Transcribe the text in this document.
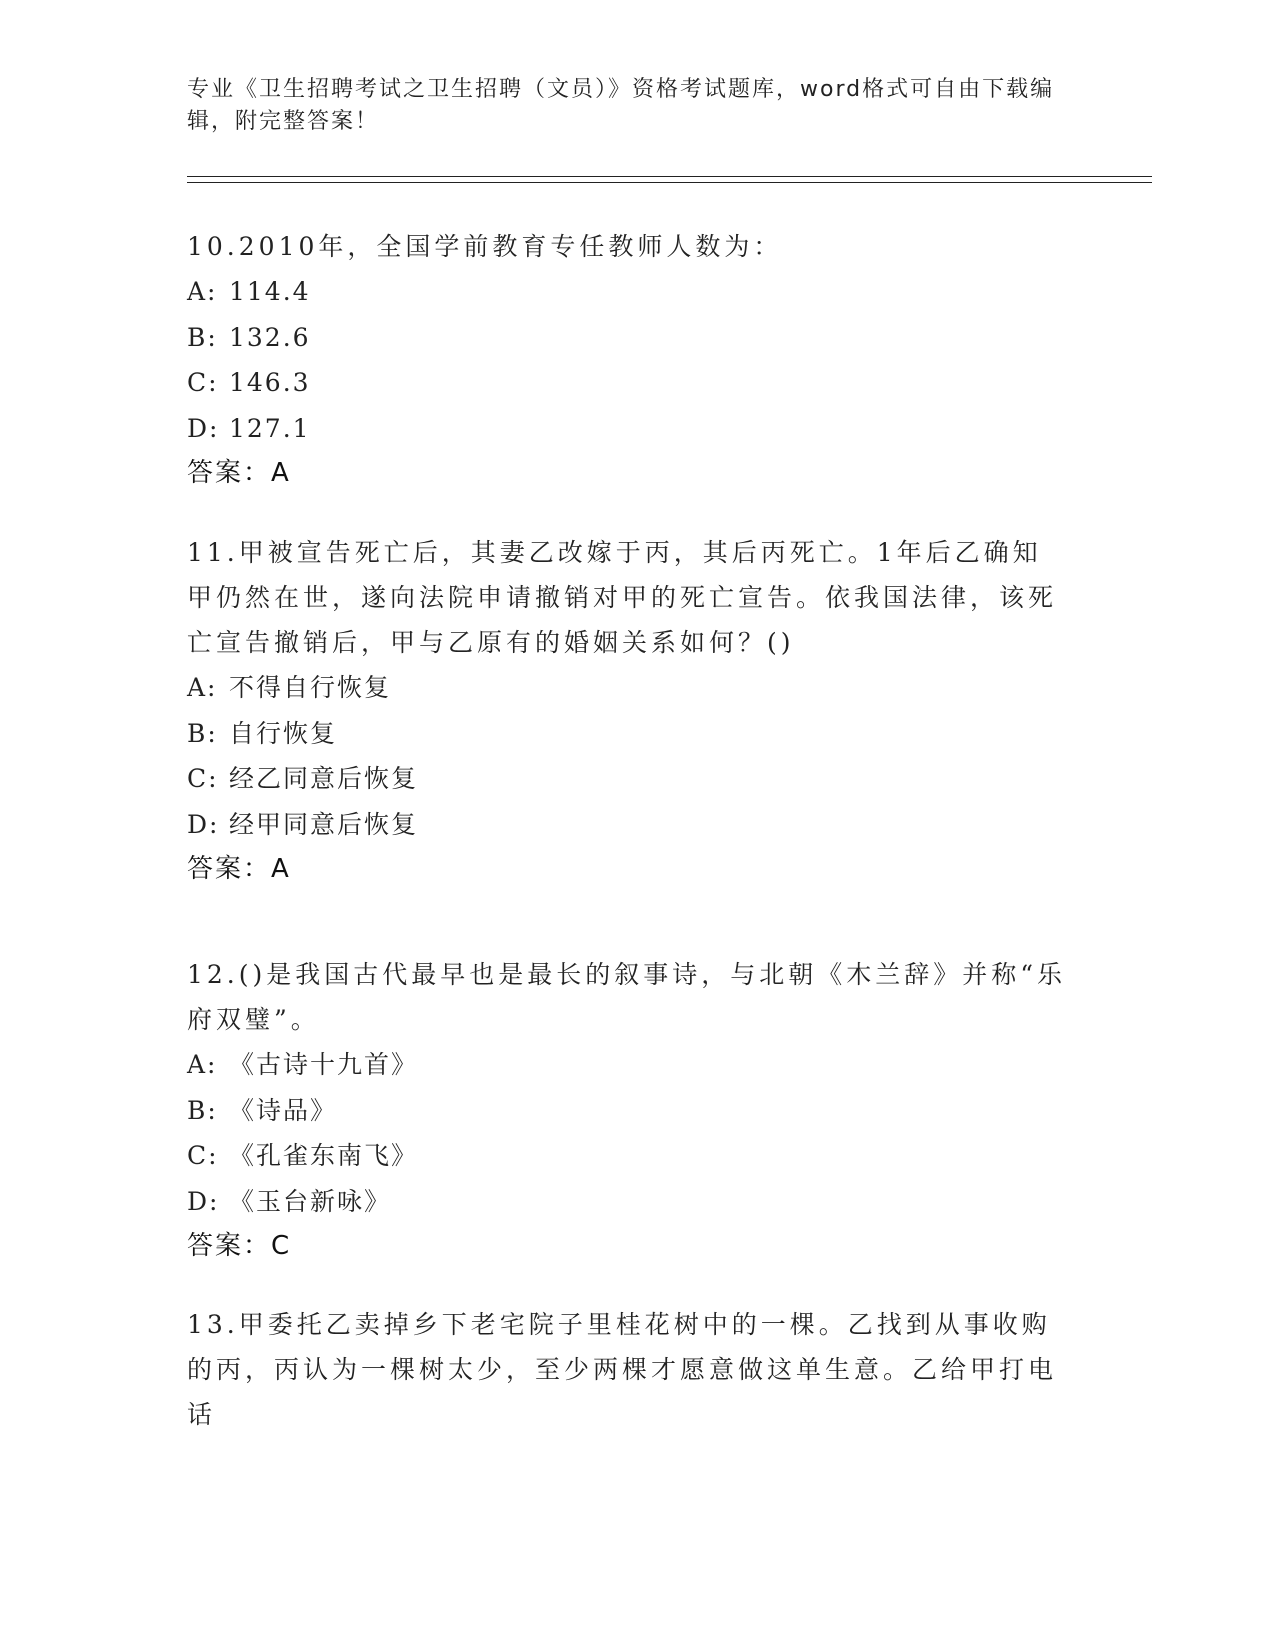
专业《卫生招聘考试之卫生招聘（文员）》资格考试题库，word格式可自由下载编辑，附完整答案！

10.2010年，全国学前教育专任教师人数为：

A: 114.4

B: 132.6

C: 146.3

D: 127.1

答案：A

11.甲被宣告死亡后，其妻乙改嫁于丙，其后丙死亡。1年后乙确知甲仍然在世，遂向法院申请撤销对甲的死亡宣告。依我国法律，该死亡宣告撤销后，甲与乙原有的婚姻关系如何？()

A: 不得自行恢复

B: 自行恢复

C: 经乙同意后恢复

D: 经甲同意后恢复

答案：A

12.()是我国古代最早也是最长的叙事诗，与北朝《木兰辞》并称“乐府双璧”。

A: 《古诗十九首》

B: 《诗品》

C: 《孔雀东南飞》

D: 《玉台新咏》

答案：C

13.甲委托乙卖掉乡下老宅院子里桂花树中的一棵。乙找到从事收购的丙，丙认为一棵树太少，至少两棵才愿意做这单生意。乙给甲打电话
